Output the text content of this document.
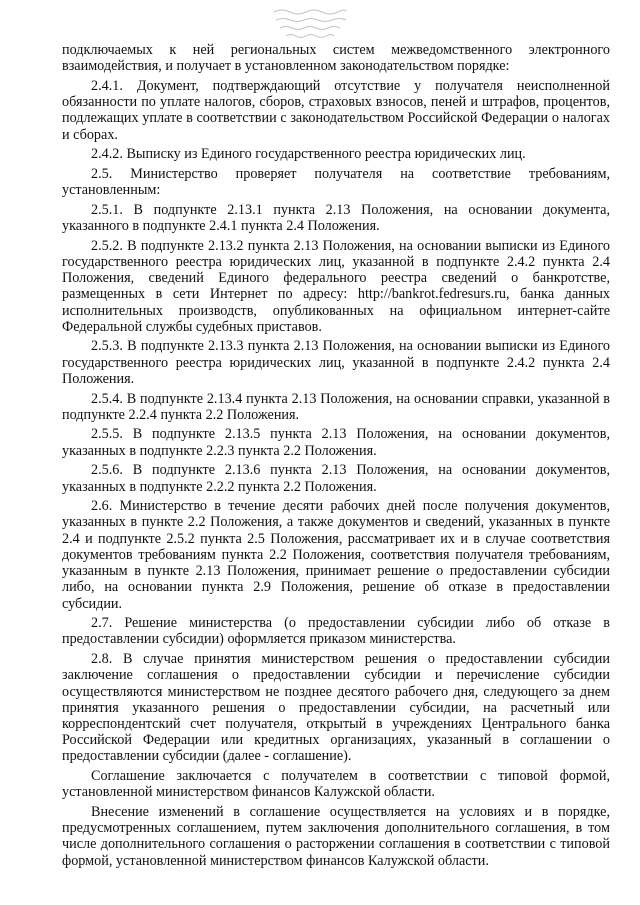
подключаемых к ней региональных систем межведомственного электронного взаимодействия, и получает в установленном законодательством порядке:

2.4.1. Документ, подтверждающий отсутствие у получателя неисполненной обязанности по уплате налогов, сборов, страховых взносов, пеней и штрафов, процентов, подлежащих уплате в соответствии с законодательством Российской Федерации о налогах и сборах.

2.4.2. Выписку из Единого государственного реестра юридических лиц.

2.5. Министерство проверяет получателя на соответствие требованиям, установленным:

2.5.1. В подпункте 2.13.1 пункта 2.13 Положения, на основании документа, указанного в подпункте 2.4.1 пункта 2.4 Положения.

2.5.2. В подпункте 2.13.2 пункта 2.13 Положения, на основании выписки из Единого государственного реестра юридических лиц, указанной в подпункте 2.4.2 пункта 2.4 Положения, сведений Единого федерального реестра сведений о банкротстве, размещенных в сети Интернет по адресу: http://bankrot.fedresurs.ru, банка данных исполнительных производств, опубликованных на официальном интернет-сайте Федеральной службы судебных приставов.

2.5.3. В подпункте 2.13.3 пункта 2.13 Положения, на основании выписки из Единого государственного реестра юридических лиц, указанной в подпункте 2.4.2 пункта 2.4 Положения.

2.5.4. В подпункте 2.13.4 пункта 2.13 Положения, на основании справки, указанной в подпункте 2.2.4 пункта 2.2 Положения.

2.5.5. В подпункте 2.13.5 пункта 2.13 Положения, на основании документов, указанных в подпункте 2.2.3 пункта 2.2 Положения.

2.5.6. В подпункте 2.13.6 пункта 2.13 Положения, на основании документов, указанных в подпункте 2.2.2 пункта 2.2 Положения.

2.6. Министерство в течение десяти рабочих дней после получения документов, указанных в пункте 2.2 Положения, а также документов и сведений, указанных в пункте 2.4 и подпункте 2.5.2 пункта 2.5 Положения, рассматривает их и в случае соответствия документов требованиям пункта 2.2 Положения, соответствия получателя требованиям, указанным в пункте 2.13 Положения, принимает решение о предоставлении субсидии либо, на основании пункта 2.9 Положения, решение об отказе в предоставлении субсидии.

2.7. Решение министерства (о предоставлении субсидии либо об отказе в предоставлении субсидии) оформляется приказом министерства.

2.8. В случае принятия министерством решения о предоставлении субсидии заключение соглашения о предоставлении субсидии и перечисление субсидии осуществляются министерством не позднее десятого рабочего дня, следующего за днем принятия указанного решения о предоставлении субсидии, на расчетный или корреспондентский счет получателя, открытый в учреждениях Центрального банка Российской Федерации или кредитных организациях, указанный в соглашении о предоставлении субсидии (далее - соглашение).

Соглашение заключается с получателем в соответствии с типовой формой, установленной министерством финансов Калужской области.

Внесение изменений в соглашение осуществляется на условиях и в порядке, предусмотренных соглашением, путем заключения дополнительного соглашения, в том числе дополнительного соглашения о расторжении соглашения в соответствии с типовой формой, установленной министерством финансов Калужской области.
